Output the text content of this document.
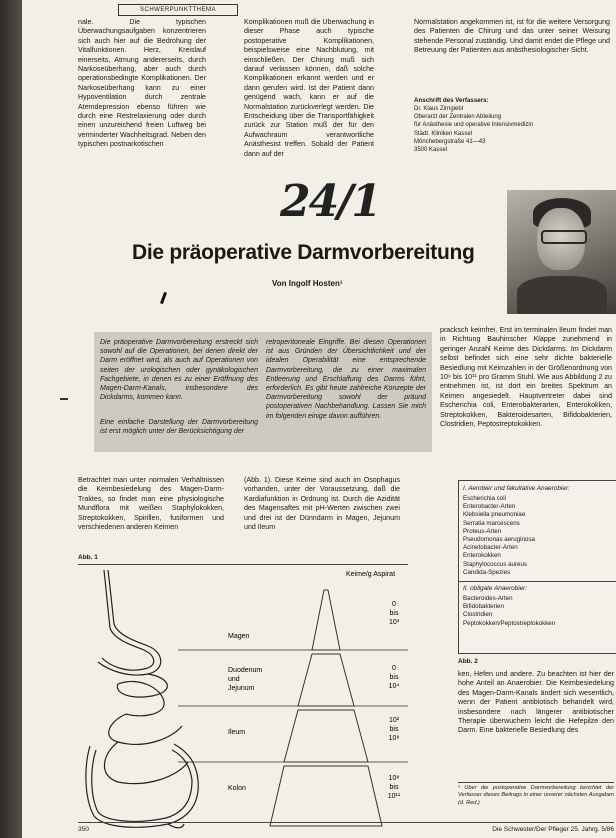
SCHWERPUNKTTHEMA
nale. Die typischen Überwachungsaufgaben konzentrieren sich auch hier auf die Bedrohung der Vitalfunktionen. Herz, Kreislauf einerseits, Atmung andererseits, durch Narkoseüberhang, aber auch durch operationsbedingte Komplikationen. Der Narkoseüberhang kann zu einer Hypoventilation durch zentrale Atemdepression ebenso führen wie durch eine Restrelaxierung oder durch einen unzureichend freien Luftweg bei verminderter Wachheitsgrad. Neben den typischen postnarkotischen
Komplikationen muß die Überwachung in dieser Phase auch typische postoperative Komplikationen, beispielsweise eine Nachblutung, mit einschließen. Der Chirurg muß sich darauf verlassen können, daß solche Komplikationen erkannt werden und er dann gerufen wird. Ist der Patient dann genügend wach, kann er auf die Normalstation zurückverlegt werden. Die Entscheidung über die Transportfähigkeit zurück zur Station muß der für den Aufwachraum verantwortliche Anästhesist treffen. Sobald der Patient dann auf der
Normalstation angekommen ist, ist für die weitere Versorgung des Patienten die Chirurg und das unter seiner Weisung stehende Personal zuständig. Und damit endet die Pflege und Betreuung der Patienten aus anästhesiologischer Sicht.
Anschrift des Verfassers:
Dr. Klaus Zirngiebl
Oberarzt der Zentralen Abteilung
für Anästhesie und operative Intensivmedizin
Städt. Kliniken Kassel
Mönchebergstraße 41—43
3500 Kassel
24/1
Die präoperative Darmvorbereitung
Von Ingolf Hosten¹
Die präoperative Darmvorbereitung erstreckt sich sowohl auf die Operationen, bei denen direkt der Darm eröffnet wird, als auch auf Operationen von seiten der urologischen oder gynäkologischen Fachgebiete, in denen es zu einer Eröffnung des Magen-Darm-Kanals, insbesondere des Dickdarms, kommen kann.
Eine einfache Darstellung der Darmvorbereitung ist erst möglich unter der Berücksichtigung der
retroperitoneale Eingriffe. Bei diesen Operationen ist aus Gründen der Übersichtlichkeit und der idealen Operabilität eine entsprechende Darmvorbereitung, die zu einer maximalen Entleerung und Erschlaffung des Darms führt, erforderlich. Es gibt heute zahlreiche Konzepte der Darmvorbereitung sowohl der präund postoperativen Nachbehandlung. Lassen Sie mich im folgenden einige davon aufführen.
pracksch keimfrei. Erst im terminalen Ileum findet man in Richtung Bauhinscher Klappe zunehmend in geringer Anzahl Keime des Dickdarms. Im Dickdarm selbst befindet sich eine sehr dichte bakterielle Besiedlung mit Keimzahlen in der Größenordnung von 10⁹ bis 10¹¹ pro Gramm Stuhl. Wie aus Abbildung 2 zu entnehmen ist, ist dort ein breites Spektrum an Keimen angesiedelt. Hauptvertreter dabei sind Escherichia coli, Enterobakterarten, Enterokokken, Streptokokken, Bakteroidesarten, Bifidobakterien, Clostridien, Peptostreptokokken.
Betrachtet man unter normalen Verhältnissen die Keimbesiedelung des Magen-Darm-Traktes, so findet man eine physiologische Mundflora mit weißen Staphylokokken, Streptokokken, Spirillen, fusiformen und verschiedenen anderen Keimen
(Abb. 1). Diese Keime sind auch im Ösophagus vorhanden, unter der Voraussetzung, daß die Kardiafunktion in Ordnung ist. Durch die Azidität des Magensaftes mit pH-Werten zwischen zwei und drei ist der Dünndarm in Magen, Jejunum und Ileum
I. Aerobier und fakultative Anaerobier:
Escherichia coli
Enterobacter-Arten
Klebsiella pneumoniae
Serratia marcescens
Proteus-Arten
Pseudomonas aeruginosa
Acinetobacter-Arten
Enterokokken
Staphylococcus aureus
Candida-Spezies
II. obligate Anaerobier:
Bacteroides-Arten
Bifidobakterien
Clostridien
Peptokokken/Peptostreptokokken
Abb. 1
Magen
Duodenum und Jejunum
Ileum
Kolon
Keime/g Aspirat
0 bis 10³
0 bis 10⁴
10² bis 10⁸
10⁸ bis 10¹¹
Abb. 2
ken, Hefen und andere. Zu beachten ist hier der hohe Anteil an Anaerobier. Die Keimbesiedelung des Magen-Darm-Kanals ändert sich wesentlich, wenn der Patient antibiotisch behandelt wird, insbesondere nach längerer antibiotischer Therapie überwuchern leicht die Hefepilze den Darm. Eine bakterielle Besiedlung des
¹ Über die postoperative Darmvorbereitung berichtet der Verfasser dieses Beitrags in einer unserer nächsten Ausgaben (d. Red.)
350	Die Schwester/Der Pfleger 25. Jahrg. 5/86
